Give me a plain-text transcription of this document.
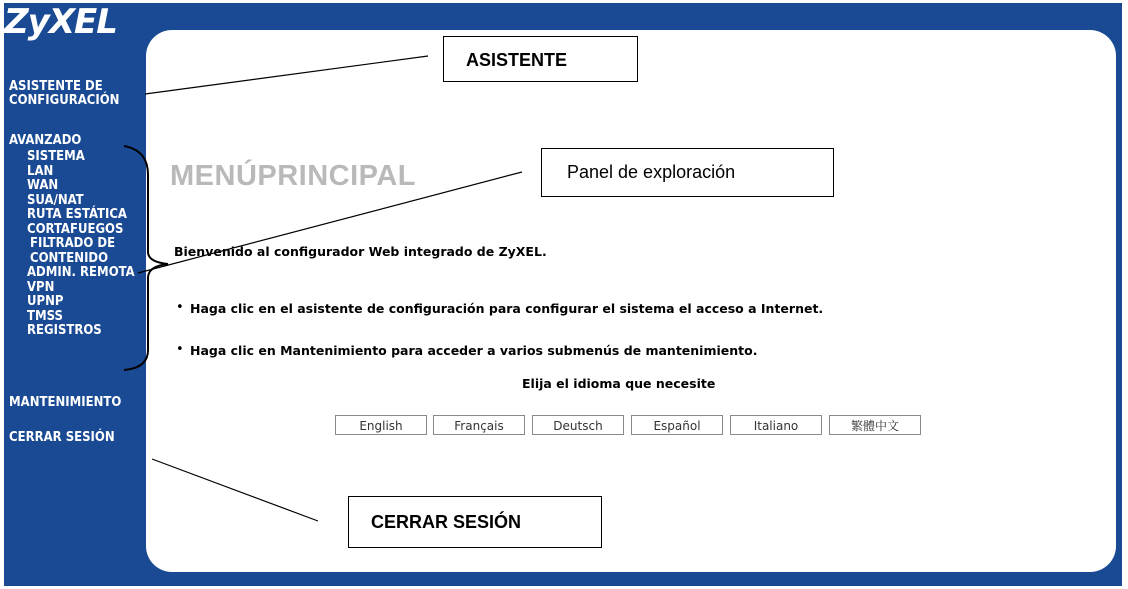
ZyXEL
ASISTENTE DE
CONFIGURACIÓN
AVANZADO
SISTEMA
LAN
WAN
SUA/NAT
RUTA ESTÁTICA
CORTAFUEGOS
FILTRADO DE
CONTENIDO
ADMIN. REMOTA
VPN
UPNP
TMSS
REGISTROS
MANTENIMIENTO
CERRAR SESIÓN
MENÚPRINCIPAL
Bienvenido al configurador Web integrado de ZyXEL.
• Haga clic en el asistente de configuración para configurar el sistema el acceso a Internet.
• Haga clic en Mantenimiento para acceder a varios submenús de mantenimiento.
Elija el idioma que necesite
English	Français	Deutsch	Español	Italiano	繁體中文
ASISTENTE
Panel de exploración
CERRAR SESIÓN
